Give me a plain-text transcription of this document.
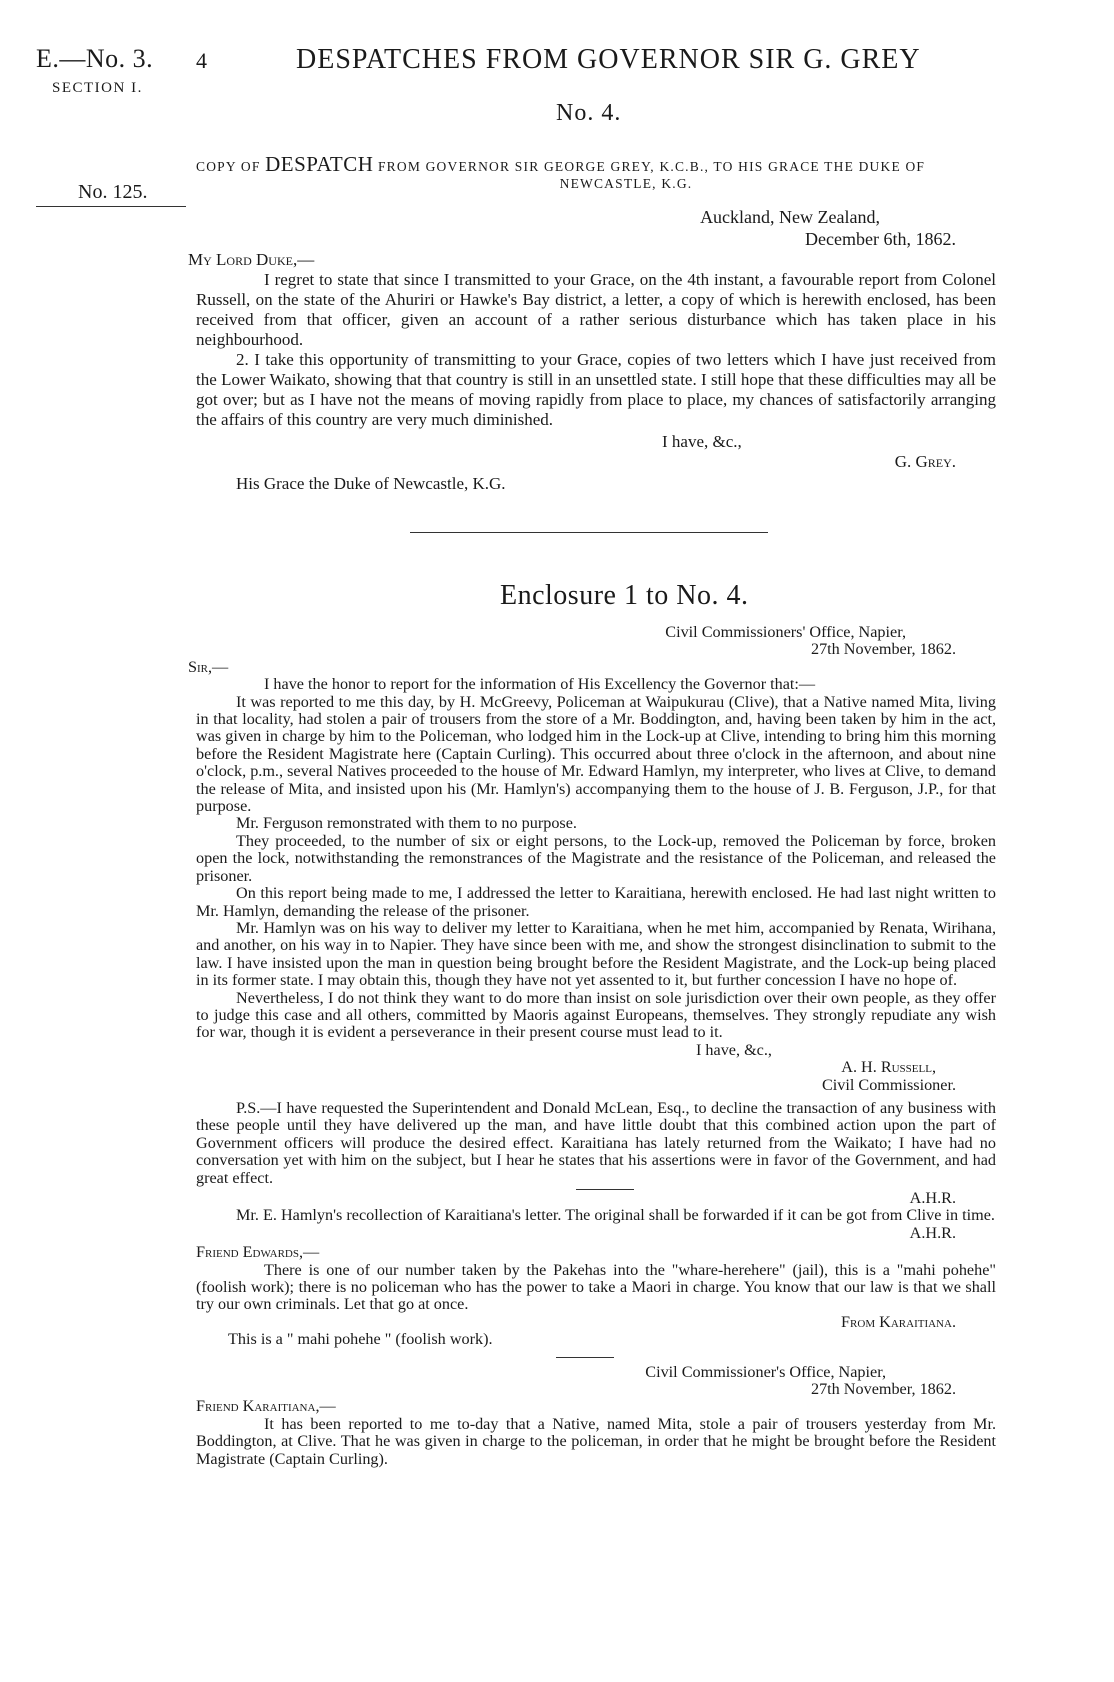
E.—No. 3.
SECTION I.
4	DESPATCHES FROM GOVERNOR SIR G. GREY
No. 4.
No. 125.
COPY OF DESPATCH FROM GOVERNOR SIR GEORGE GREY, K.C.B., TO HIS GRACE THE DUKE OF
NEWCASTLE, K.G.

Auckland, New Zealand,

December 6th, 1862.

My Lord Duke,—

I regret to state that since I transmitted to your Grace, on the 4th instant, a favourable report from Colonel Russell, on the state of the Ahuriri or Hawke's Bay district, a letter, a copy of which is herewith enclosed, has been received from that officer, given an account of a rather serious disturbance which has taken place in his neighbourhood.

2. I take this opportunity of transmitting to your Grace, copies of two letters which I have just received from the Lower Waikato, showing that that country is still in an unsettled state. I still hope that these difficulties may all be got over; but as I have not the means of moving rapidly from place to place, my chances of satisfactorily arranging the affairs of this country are very much diminished.

I have, &c.,

G. Grey.

His Grace the Duke of Newcastle, K.G.

Enclosure 1 to No. 4.

Civil Commissioners' Office, Napier,

27th November, 1862.

Sir,—

I have the honor to report for the information of His Excellency the Governor that:—

It was reported to me this day, by H. McGreevy, Policeman at Waipukurau (Clive), that a Native named Mita, living in that locality, had stolen a pair of trousers from the store of a Mr. Boddington, and, having been taken by him in the act, was given in charge by him to the Policeman, who lodged him in the Lock-up at Clive, intending to bring him this morning before the Resident Magistrate here (Captain Curling). This occurred about three o'clock in the afternoon, and about nine o'clock, p.m., several Natives proceeded to the house of Mr. Edward Hamlyn, my interpreter, who lives at Clive, to demand the release of Mita, and insisted upon his (Mr. Hamlyn's) accompanying them to the house of J. B. Ferguson, J.P., for that purpose.

Mr. Ferguson remonstrated with them to no purpose.

They proceeded, to the number of six or eight persons, to the Lock-up, removed the Policeman by force, broken open the lock, notwithstanding the remonstrances of the Magistrate and the resistance of the Policeman, and released the prisoner.

On this report being made to me, I addressed the letter to Karaitiana, herewith enclosed. He had last night written to Mr. Hamlyn, demanding the release of the prisoner.

Mr. Hamlyn was on his way to deliver my letter to Karaitiana, when he met him, accompanied by Renata, Wirihana, and another, on his way in to Napier. They have since been with me, and show the strongest disinclination to submit to the law. I have insisted upon the man in question being brought before the Resident Magistrate, and the Lock-up being placed in its former state. I may obtain this, though they have not yet assented to it, but further concession I have no hope of.

Nevertheless, I do not think they want to do more than insist on sole jurisdiction over their own people, as they offer to judge this case and all others, committed by Maoris against Europeans, themselves. They strongly repudiate any wish for war, though it is evident a perseverance in their present course must lead to it.

I have, &c.,

A. H. Russell,

Civil Commissioner.

P.S.—I have requested the Superintendent and Donald McLean, Esq., to decline the transaction of any business with these people until they have delivered up the man, and have little doubt that this combined action upon the part of Government officers will produce the desired effect. Karaitiana has lately returned from the Waikato; I have had no conversation yet with him on the subject, but I hear he states that his assertions were in favor of the Government, and had great effect.

A.H.R.

Mr. E. Hamlyn's recollection of Karaitiana's letter. The original shall be forwarded if it can be got from Clive in time.

A.H.R.

Friend Edwards,—

There is one of our number taken by the Pakehas into the "whare-herehere" (jail), this is a "mahi pohehe" (foolish work); there is no policeman who has the power to take a Maori in charge. You know that our law is that we shall try our own criminals. Let that go at once.

From Karaitiana.

This is a " mahi pohehe " (foolish work).

Civil Commissioner's Office, Napier,

27th November, 1862.

Friend Karaitiana,—

It has been reported to me to-day that a Native, named Mita, stole a pair of trousers yesterday from Mr. Boddington, at Clive. That he was given in charge to the policeman, in order that he might be brought before the Resident Magistrate (Captain Curling).
